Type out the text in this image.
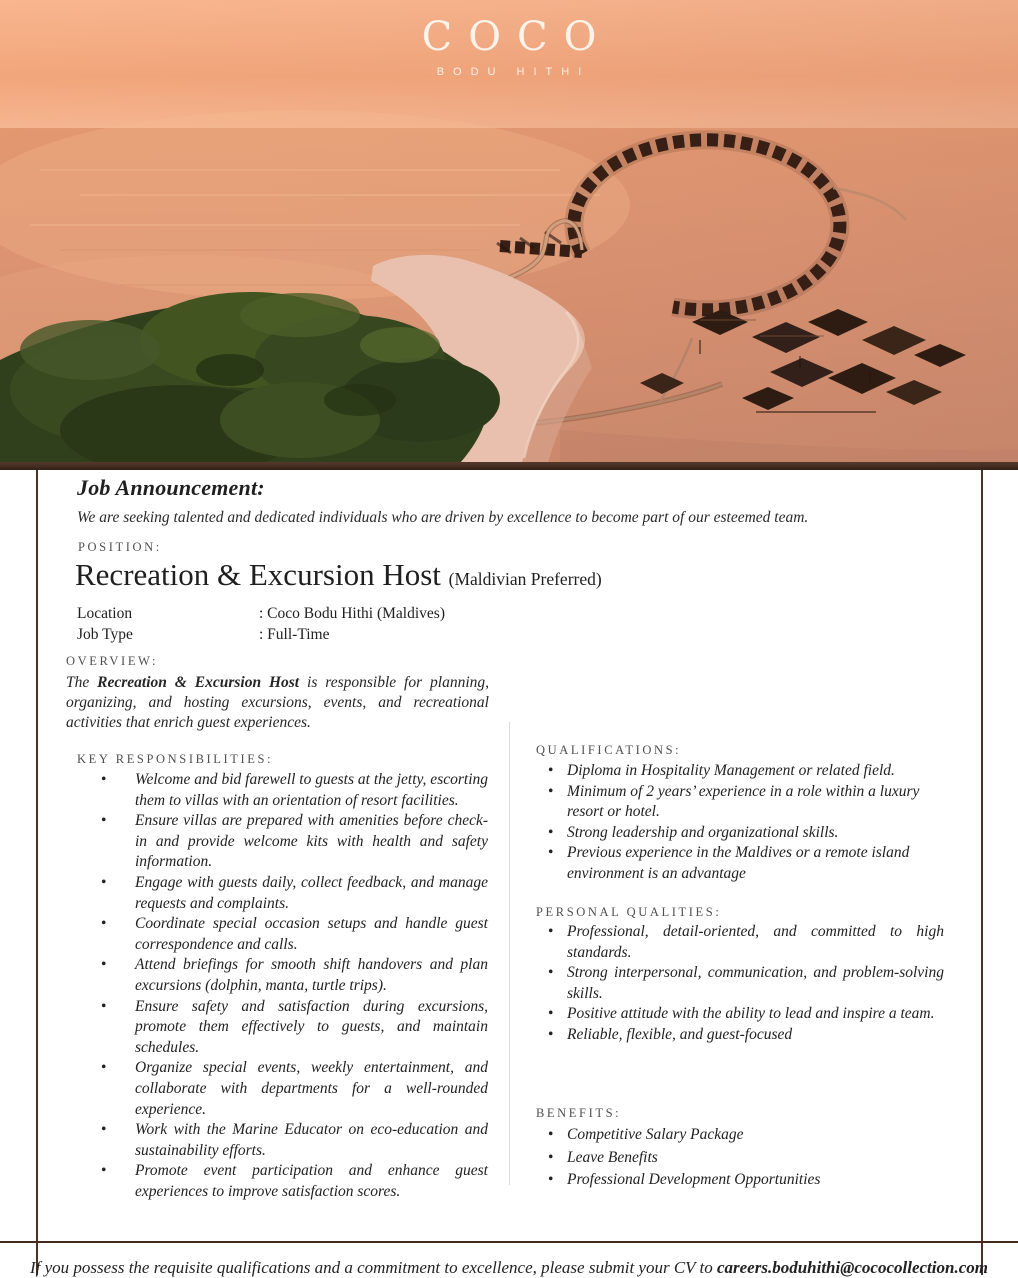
COCO
BODU HITHI
Job Announcement:
We are seeking talented and dedicated individuals who are driven by excellence to become part of our esteemed team.
POSITION:
Recreation & Excursion Host (Maldivian Preferred)
Location	: Coco Bodu Hithi (Maldives)
Job Type	: Full-Time
OVERVIEW:
The Recreation & Excursion Host is responsible for planning, organizing, and hosting excursions, events, and recreational activities that enrich guest experiences.
KEY RESPONSIBILITIES:
• Welcome and bid farewell to guests at the jetty, escorting them to villas with an orientation of resort facilities.
• Ensure villas are prepared with amenities before check-in and provide welcome kits with health and safety information.
• Engage with guests daily, collect feedback, and manage requests and complaints.
• Coordinate special occasion setups and handle guest correspondence and calls.
• Attend briefings for smooth shift handovers and plan excursions (dolphin, manta, turtle trips).
• Ensure safety and satisfaction during excursions, promote them effectively to guests, and maintain schedules.
• Organize special events, weekly entertainment, and collaborate with departments for a well-rounded experience.
• Work with the Marine Educator on eco-education and sustainability efforts.
• Promote event participation and enhance guest experiences to improve satisfaction scores.
QUALIFICATIONS:
• Diploma in Hospitality Management or related field.
• Minimum of 2 years’ experience in a role within a luxury resort or hotel.
• Strong leadership and organizational skills.
• Previous experience in the Maldives or a remote island environment is an advantage
PERSONAL QUALITIES:
• Professional, detail-oriented, and committed to high standards.
• Strong interpersonal, communication, and problem-solving skills.
• Positive attitude with the ability to lead and inspire a team.
• Reliable, flexible, and guest-focused
BENEFITS:
• Competitive Salary Package
• Leave Benefits
• Professional Development Opportunities
If you possess the requisite qualifications and a commitment to excellence, please submit your CV to careers.boduhithi@cococollection.com
